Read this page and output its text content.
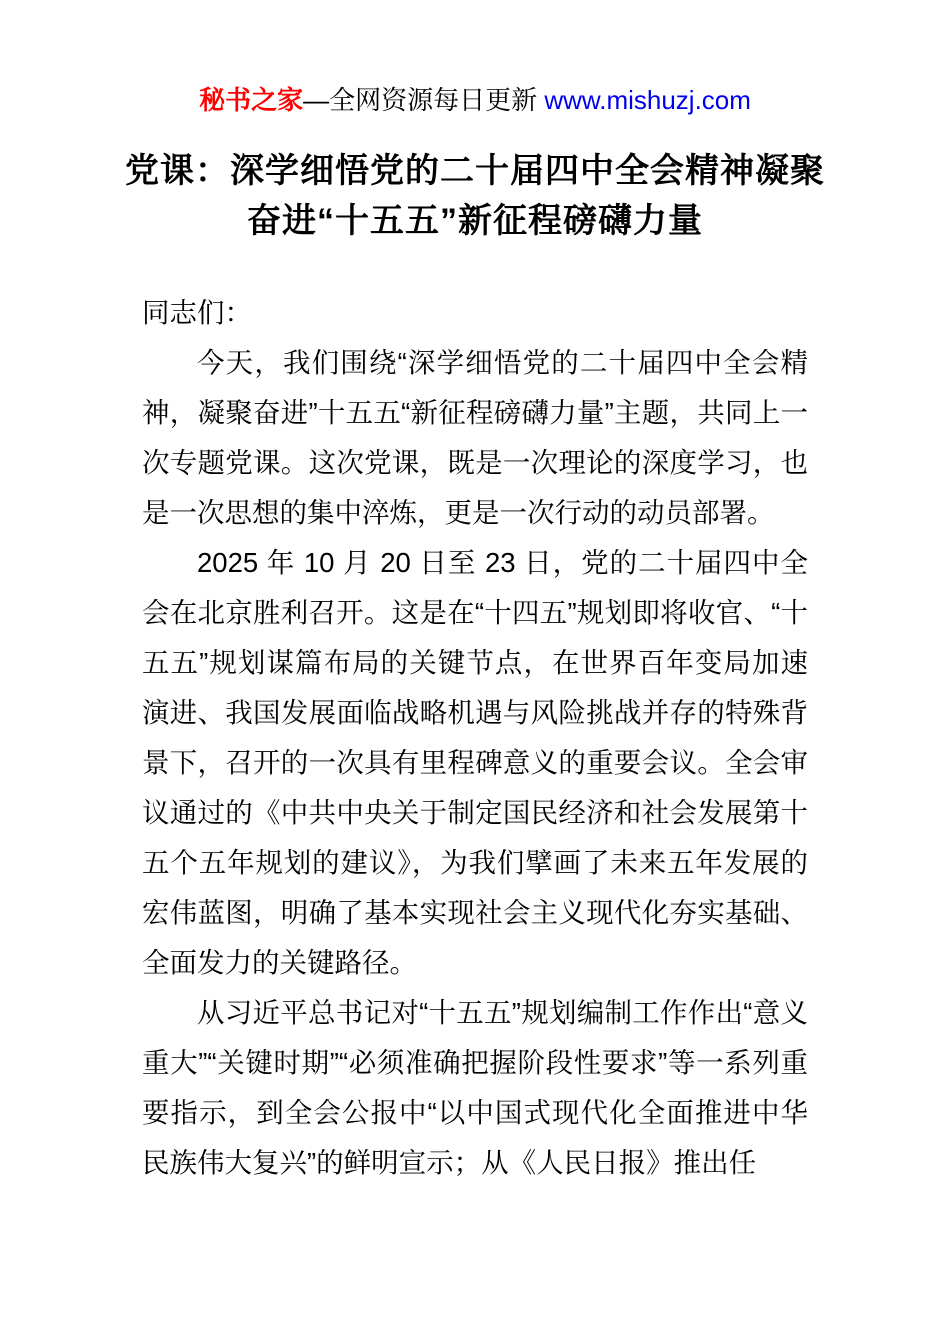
秘书之家—全网资源每日更新 www.mishuzj.com
党课：深学细悟党的二十届四中全会精神凝聚
奋进“十五五”新征程磅礴力量

同志们：

今天，我们围绕“深学细悟党的二十届四中全会精神，凝聚奋进”十五五“新征程磅礴力量”主题，共同上一次专题党课。这次党课，既是一次理论的深度学习，也是一次思想的集中淬炼，更是一次行动的动员部署。

2025 年 10 月 20 日至 23 日，党的二十届四中全会在北京胜利召开。这是在“十四五”规划即将收官、“十五五”规划谋篇布局的关键节点，在世界百年变局加速演进、我国发展面临战略机遇与风险挑战并存的特殊背景下，召开的一次具有里程碑意义的重要会议。全会审议通过的《中共中央关于制定国民经济和社会发展第十五个五年规划的建议》，为我们擘画了未来五年发展的宏伟蓝图，明确了基本实现社会主义现代化夯实基础、全面发力的关键路径。

从习近平总书记对“十五五”规划编制工作作出“意义重大”“关键时期”“必须准确把握阶段性要求”等一系列重要指示，到全会公报中“以中国式现代化全面推进中华民族伟大复兴”的鲜明宣示；从《人民日报》推出任
